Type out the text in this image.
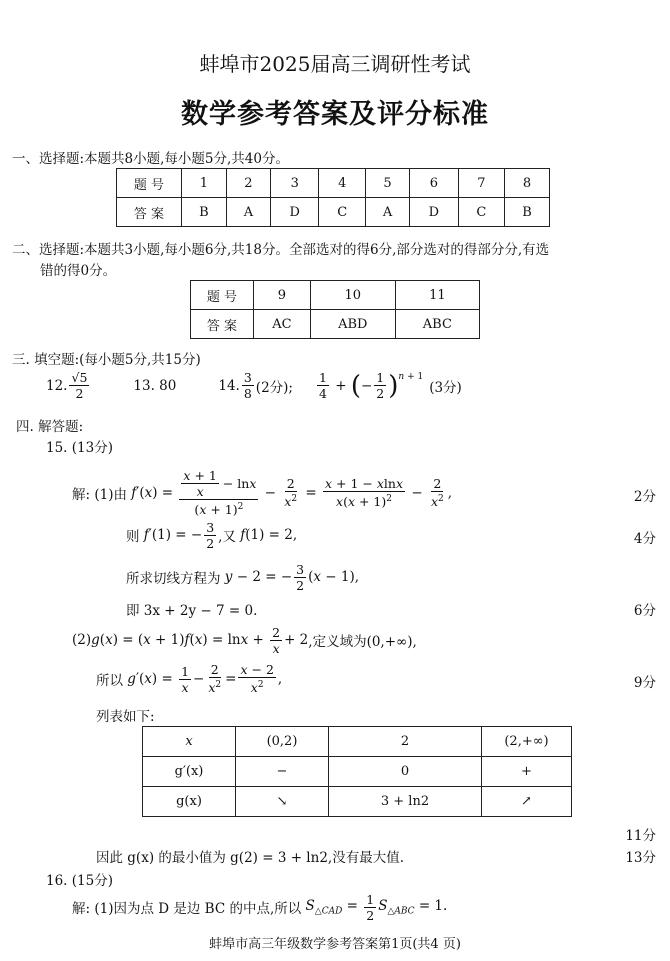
蚌埠市2025届高三调研性考试
数学参考答案及评分标准
一、选择题:本题共8小题,每小题5分,共40分。
题 号	1	2	3	4	5	6	7	8
答 案	B	A	D	C	A	D	C	B
二、选择题:本题共3小题,每小题6分,共18分。全部选对的得6分,部分选对的得部分分,有选
错的得0分。
题 号	9	10	11
答 案	AC	ABD	ABC
三. 填空题:(每小题5分,共15分)
12. $\frac{√5}{2}$	13. 80	14. $\frac{3}{8} (2$分); $\frac{1}{4}$ + ( − $\frac{1}{2}$ ) $^{n + 1}$
(3分)
四. 解答题:
15. (13分)
解: (1)由 $f'(x) = \frac{\frac{x + 1}{x} - \ln x}{(x + 1)^2} - \frac{2}{x^2} = \frac{x + 1 - xlnx}{x(x + 1)^2} - \frac{2}{x^2}$ ,	2分
则 f′(1) = − $\frac{3}{2}$ ,又 f(1) = 2,	4分
所求切线方程为 y − 2 = − $\frac{3}{2} (x - 1)$,
即 3x + 2y − 7 = 0.	6分
(2) $g(x) = (x + 1)f(x) = \ln x + \frac{2}{x} + 2$ ,定义域为(0,+∞),
所以 $g'(x) = \frac{1}{x} - \frac{2}{x^2} = \frac{x - 2}{x^2}$ ,	9分
列表如下:
x	(0,2)	2	(2,+∞)
g′(x)	−	0	+
g(x)	↘	3 + ln2	↗
11分
因此 g(x) 的最小值为 g(2) = 3 + ln2,没有最大值.	13分
16. (15分)
解: (1)因为点 D 是边 BC 的中点,所以 $S_{\triangle CAD} = \frac{1}{2} S_{\triangle ABC} = 1$.
蚌埠市高三年级数学参考答案第1页(共4 页)
